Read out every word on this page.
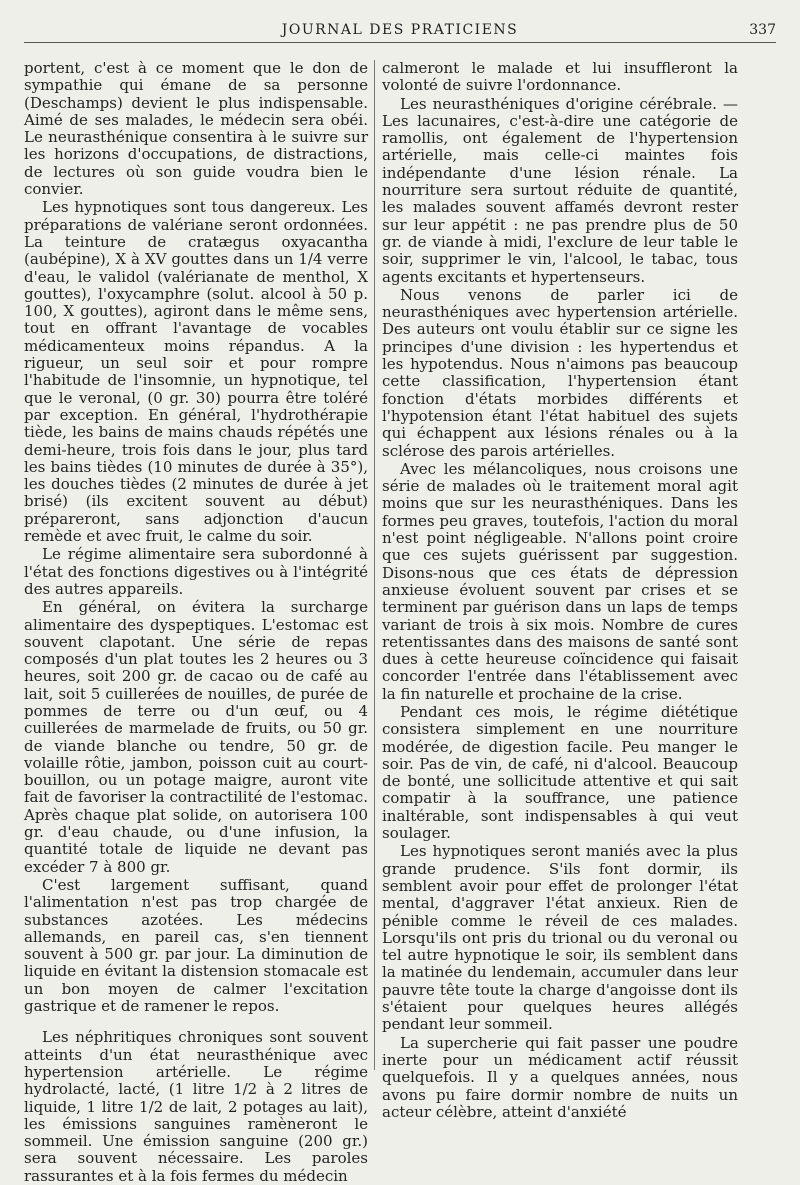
JOURNAL DES PRATICIENS	337

portent, c'est à ce moment que le don de sympathie qui émane de sa personne (Deschamps) devient le plus indispensable. Aimé de ses malades, le médecin sera obéi. Le neurasthénique consentira à le suivre sur les horizons d'occupations, de distractions, de lectures où son guide voudra bien le convier.

Les hypnotiques sont tous dangereux. Les préparations de valériane seront ordonnées. La teinture de cratægus oxyacantha (aubépine), X à XV gouttes dans un 1/4 verre d'eau, le validol (valérianate de menthol, X gouttes), l'oxycamphre (solut. alcool à 50 p. 100, X gouttes), agiront dans le même sens, tout en offrant l'avantage de vocables médicamenteux moins répandus. A la rigueur, un seul soir et pour rompre l'habitude de l'insomnie, un hypnotique, tel que le veronal, (0 gr. 30) pourra être toléré par exception. En général, l'hydrothérapie tiède, les bains de mains chauds répétés une demi-heure, trois fois dans le jour, plus tard les bains tièdes (10 minutes de durée à 35°), les douches tièdes (2 minutes de durée à jet brisé) (ils excitent souvent au début) prépareront, sans adjonction d'aucun remède et avec fruit, le calme du soir.

Le régime alimentaire sera subordonné à l'état des fonctions digestives ou à l'intégrité des autres appareils.

En général, on évitera la surcharge alimentaire des dyspeptiques. L'estomac est souvent clapotant. Une série de repas composés d'un plat toutes les 2 heures ou 3 heures, soit 200 gr. de cacao ou de café au lait, soit 5 cuillerées de nouilles, de purée de pommes de terre ou d'un œuf, ou 4 cuillerées de marmelade de fruits, ou 50 gr. de viande blanche ou tendre, 50 gr. de volaille rôtie, jambon, poisson cuit au court-bouillon, ou un potage maigre, auront vite fait de favoriser la contractilité de l'estomac. Après chaque plat solide, on autorisera 100 gr. d'eau chaude, ou d'une infusion, la quantité totale de liquide ne devant pas excéder 7 à 800 gr.

C'est largement suffisant, quand l'alimentation n'est pas trop chargée de substances azotées. Les médecins allemands, en pareil cas, s'en tiennent souvent à 500 gr. par jour. La diminution de liquide en évitant la distension stomacale est un bon moyen de calmer l'excitation gastrique et de ramener le repos.

Les néphritiques chroniques sont souvent atteints d'un état neurasthénique avec hypertension artérielle. Le régime hydrolacté, lacté, (1 litre 1/2 à 2 litres de liquide, 1 litre 1/2 de lait, 2 potages au lait), les émissions sanguines ramèneront le sommeil. Une émission sanguine (200 gr.) sera souvent nécessaire. Les paroles rassurantes et à la fois fermes du médecin

calmeront le malade et lui insuffleront la volonté de suivre l'ordonnance.

Les neurasthéniques d'origine cérébrale. — Les lacunaires, c'est-à-dire une catégorie de ramollis, ont également de l'hypertension artérielle, mais celle-ci maintes fois indépendante d'une lésion rénale. La nourriture sera surtout réduite de quantité, les malades souvent affamés devront rester sur leur appétit : ne pas prendre plus de 50 gr. de viande à midi, l'exclure de leur table le soir, supprimer le vin, l'alcool, le tabac, tous agents excitants et hypertenseurs.

Nous venons de parler ici de neurasthéniques avec hypertension artérielle. Des auteurs ont voulu établir sur ce signe les principes d'une division : les hypertendus et les hypotendus. Nous n'aimons pas beaucoup cette classification, l'hypertension étant fonction d'états morbides différents et l'hypotension étant l'état habituel des sujets qui échappent aux lésions rénales ou à la sclérose des parois artérielles.

Avec les mélancoliques, nous croisons une série de malades où le traitement moral agit moins que sur les neurasthéniques. Dans les formes peu graves, toutefois, l'action du moral n'est point négligeable. N'allons point croire que ces sujets guérissent par suggestion. Disons-nous que ces états de dépression anxieuse évoluent souvent par crises et se terminent par guérison dans un laps de temps variant de trois à six mois. Nombre de cures retentissantes dans des maisons de santé sont dues à cette heureuse coïncidence qui faisait concorder l'entrée dans l'établissement avec la fin naturelle et prochaine de la crise.

Pendant ces mois, le régime diététique consistera simplement en une nourriture modérée, de digestion facile. Peu manger le soir. Pas de vin, de café, ni d'alcool. Beaucoup de bonté, une sollicitude attentive et qui sait compatir à la souffrance, une patience inaltérable, sont indispensables à qui veut soulager.

Les hypnotiques seront maniés avec la plus grande prudence. S'ils font dormir, ils semblent avoir pour effet de prolonger l'état mental, d'aggraver l'état anxieux. Rien de pénible comme le réveil de ces malades. Lorsqu'ils ont pris du trional ou du veronal ou tel autre hypnotique le soir, ils semblent dans la matinée du lendemain, accumuler dans leur pauvre tête toute la charge d'angoisse dont ils s'étaient pour quelques heures allégés pendant leur sommeil.

La supercherie qui fait passer une poudre inerte pour un médicament actif réussit quelquefois. Il y a quelques années, nous avons pu faire dormir nombre de nuits un acteur célèbre, atteint d'anxiété
